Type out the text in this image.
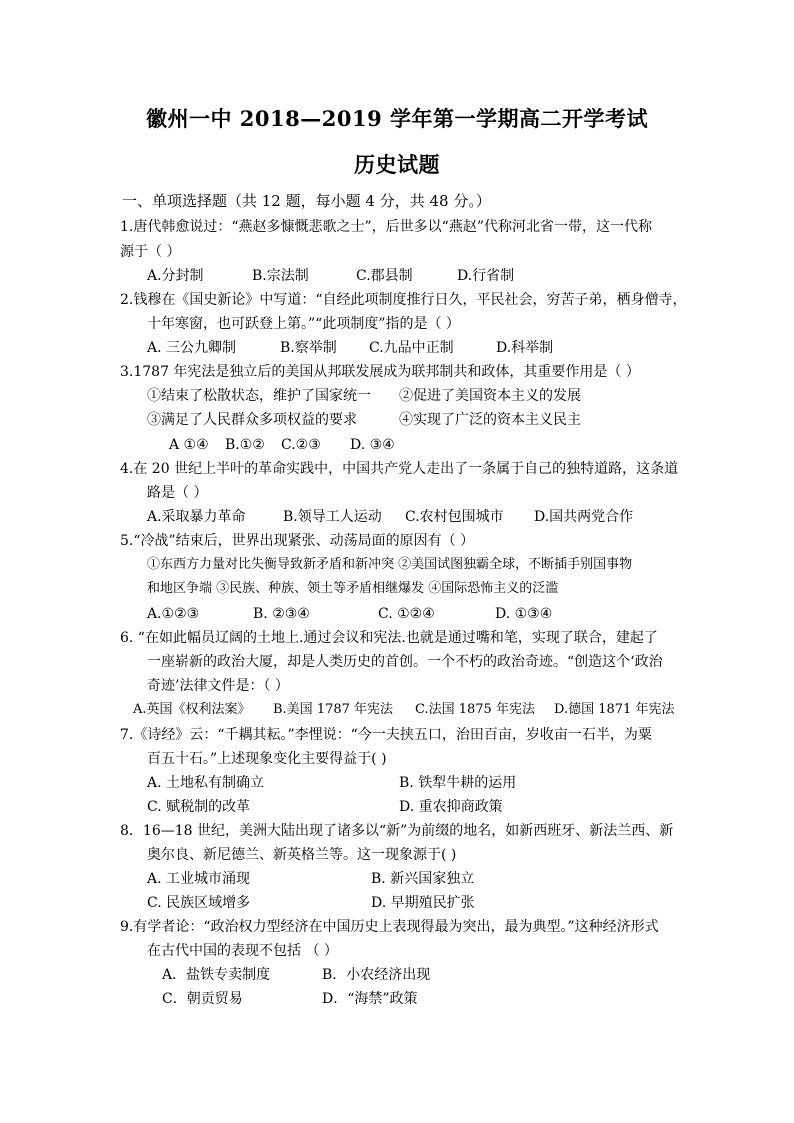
徽州一中 2018—2019 学年第一学期高二开学考试
历史试题
一、单项选择题（共 12 题，每小题 4 分，共 48 分。）
1.唐代韩愈说过：“燕赵多慷慨悲歌之士”，后世多以“燕赵”代称河北省一带，这一代称
源于（ ）
A.分封制	B.宗法制	C.郡县制	D.行省制
2.钱穆在《国史新论》中写道：“自经此项制度推行日久，平民社会，穷苦子弟，栖身僧寺，
十年寒窗，也可跃登上第。”“此项制度”指的是（ ）
A. 三公九卿制	B.察举制 C.九品中正制	D.科举制
3.1787 年宪法是独立后的美国从邦联发展成为联邦制共和政体，其重要作用是（ ）
①结束了松散状态，维护了国家统一 ②促进了美国资本主义的发展
③满足了人民群众多项权益的要求	④实现了广泛的资本主义民主
A ①④ B.①② C.②③ D. ③④
4.在 20 世纪上半叶的革命实践中，中国共产党人走出了一条属于自己的独特道路，这条道
路是（ ）
A.采取暴力革命	B.领导工人运动 C.农村包围城市 D.国共两党合作
5.“冷战”结束后，世界出现紧张、动荡局面的原因有（ ）
①东西方力量对比失衡导致新矛盾和新冲突 ②美国试图独霸全球，不断插手别国事物
和地区争端 ③民族、种族、领土等矛盾相继爆发 ④国际恐怖主义的泛滥
A.①②③	B. ②③④	C. ①②④	D. ①③④
6. “在如此幅员辽阔的土地上.通过会议和宪法.也就是通过嘴和笔，实现了联合，建起了
一座崭新的政治大厦，却是人类历史的首创。一个不朽的政治奇迹。“创造这个‘政治
奇迹’法律文件是：（ ）
A.英国《权利法案》 B.美国 1787 年宪法 C.法国 1875 年宪法 D.德国 1871 年宪法
7.《诗经》云：“千耦其耘。”李悝说：“今一夫挟五口，治田百亩，岁收亩一石半，为粟
百五十石。”上述现象变化主要得益于( )
A. 土地私有制确立	B. 铁犁牛耕的运用
C. 赋税制的改革	D. 重农抑商政策
8．16—18 世纪，美洲大陆出现了诸多以“新”为前缀的地名，如新西班牙、新法兰西、新
奥尔良、新尼德兰、新英格兰等。这一现象源于( )
A. 工业城市涌现	B. 新兴国家独立
C. 民族区域增多	D. 早期殖民扩张
9.有学者论：“政治权力型经济在中国历史上表现得最为突出，最为典型。”这种经济形式
在古代中国的表现不包括 （ ）
A．盐铁专卖制度	B．小农经济出现
C．朝贡贸易	D．“海禁”政策
